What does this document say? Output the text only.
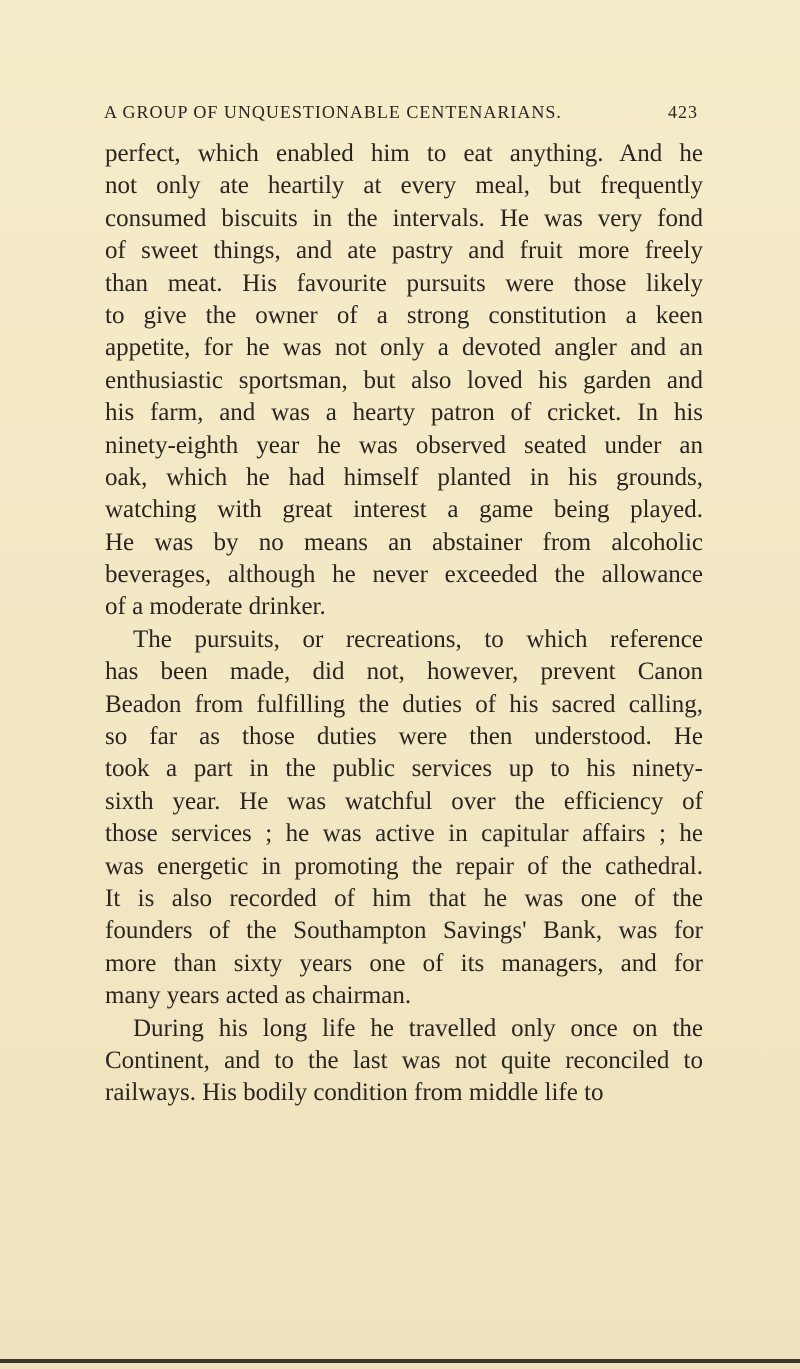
A GROUP OF UNQUESTIONABLE CENTENARIANS.	423
perfect, which enabled him to eat anything. And he
not only ate heartily at every meal, but frequently
consumed biscuits in the intervals. He was very fond
of sweet things, and ate pastry and fruit more freely
than meat. His favourite pursuits were those likely
to give the owner of a strong constitution a keen
appetite, for he was not only a devoted angler and an
enthusiastic sportsman, but also loved his garden and
his farm, and was a hearty patron of cricket. In his
ninety-eighth year he was observed seated under an
oak, which he had himself planted in his grounds,
watching with great interest a game being played.
He was by no means an abstainer from alcoholic
beverages, although he never exceeded the allowance
of a moderate drinker.
The pursuits, or recreations, to which reference
has been made, did not, however, prevent Canon
Beadon from fulfilling the duties of his sacred calling,
so far as those duties were then understood. He
took a part in the public services up to his ninety-
sixth year. He was watchful over the efficiency of
those services ; he was active in capitular affairs ; he
was energetic in promoting the repair of the cathedral.
It is also recorded of him that he was one of the
founders of the Southampton Savings' Bank, was for
more than sixty years one of its managers, and for
many years acted as chairman.
During his long life he travelled only once on the
Continent, and to the last was not quite reconciled to
railways. His bodily condition from middle life to
